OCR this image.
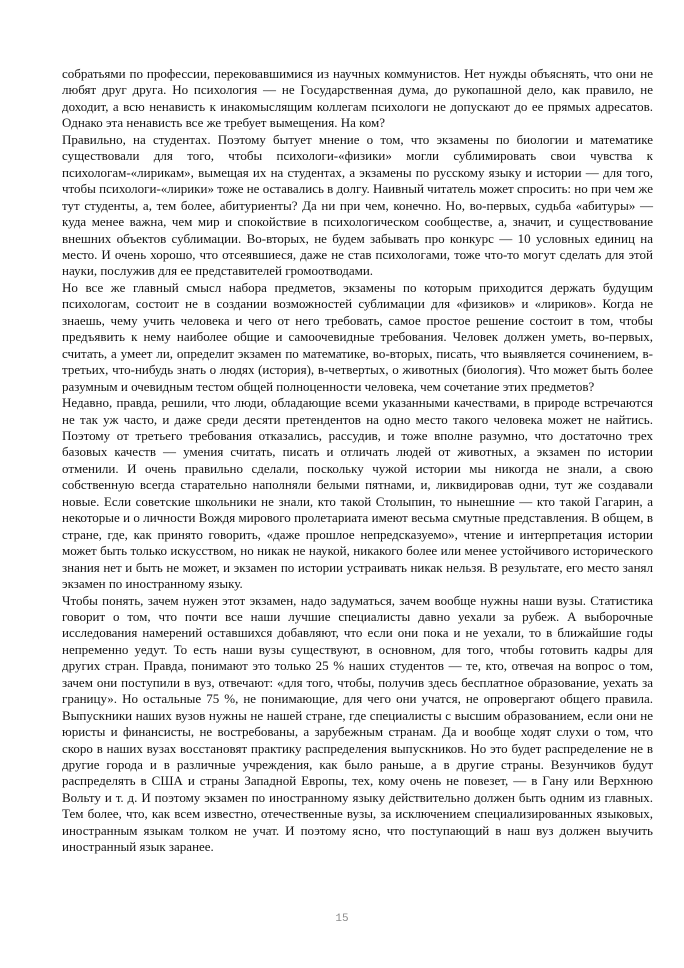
собратьями по профессии, перековавшимися из научных коммунистов. Нет нужды объяснять, что они не любят друг друга. Но психология — не Государственная дума, до рукопашной дело, как правило, не доходит, а всю ненависть к инакомыслящим коллегам психологи не допускают до ее прямых адресатов. Однако эта ненависть все же требует вымещения. На ком?

Правильно, на студентах. Поэтому бытует мнение о том, что экзамены по биологии и математике существовали для того, чтобы психологи-«физики» могли сублимировать свои чувства к психологам-«лирикам», вымещая их на студентах, а экзамены по русскому языку и истории — для того, чтобы психологи-«лирики» тоже не оставались в долгу. Наивный читатель может спросить: но при чем же тут студенты, а, тем более, абитуриенты? Да ни при чем, конечно. Но, во-первых, судьба «абитуры» — куда менее важна, чем мир и спокойствие в психологическом сообществе, а, значит, и существование внешних объектов сублимации. Во-вторых, не будем забывать про конкурс — 10 условных единиц на место. И очень хорошо, что отсеявшиеся, даже не став психологами, тоже что-то могут сделать для этой науки, послужив для ее представителей громоотводами.

Но все же главный смысл набора предметов, экзамены по которым приходится держать будущим психологам, состоит не в создании возможностей сублимации для «физиков» и «лириков». Когда не знаешь, чему учить человека и чего от него требовать, самое простое решение состоит в том, чтобы предъявить к нему наиболее общие и самоочевидные требования. Человек должен уметь, во-первых, считать, а умеет ли, определит экзамен по математике, во-вторых, писать, что выявляется сочинением, в-третьих, что-нибудь знать о людях (история), в-четвертых, о животных (биология). Что может быть более разумным и очевидным тестом общей полноценности человека, чем сочетание этих предметов?

Недавно, правда, решили, что люди, обладающие всеми указанными качествами, в природе встречаются не так уж часто, и даже среди десяти претендентов на одно место такого человека может не найтись. Поэтому от третьего требования отказались, рассудив, и тоже вполне разумно, что достаточно трех базовых качеств — умения считать, писать и отличать людей от животных, а экзамен по истории отменили. И очень правильно сделали, поскольку чужой истории мы никогда не знали, а свою собственную всегда старательно наполняли белыми пятнами, и, ликвидировав одни, тут же создавали новые. Если советские школьники не знали, кто такой Столыпин, то нынешние — кто такой Гагарин, а некоторые и о личности Вождя мирового пролетариата имеют весьма смутные представления. В общем, в стране, где, как принято говорить, «даже прошлое непредсказуемо», чтение и интерпретация истории может быть только искусством, но никак не наукой, никакого более или менее устойчивого исторического знания нет и быть не может, и экзамен по истории устраивать никак нельзя. В результате, его место занял экзамен по иностранному языку.

Чтобы понять, зачем нужен этот экзамен, надо задуматься, зачем вообще нужны наши вузы. Статистика говорит о том, что почти все наши лучшие специалисты давно уехали за рубеж. А выборочные исследования намерений оставшихся добавляют, что если они пока и не уехали, то в ближайшие годы непременно уедут. То есть наши вузы существуют, в основном, для того, чтобы готовить кадры для других стран. Правда, понимают это только 25 % наших студентов — те, кто, отвечая на вопрос о том, зачем они поступили в вуз, отвечают: «для того, чтобы, получив здесь бесплатное образование, уехать за границу». Но остальные 75 %, не понимающие, для чего они учатся, не опровергают общего правила. Выпускники наших вузов нужны не нашей стране, где специалисты с высшим образованием, если они не юристы и финансисты, не востребованы, а зарубежным странам. Да и вообще ходят слухи о том, что скоро в наших вузах восстановят практику распределения выпускников. Но это будет распределение не в другие города и в различные учреждения, как было раньше, а в другие страны. Везунчиков будут распределять в США и страны Западной Европы, тех, кому очень не повезет, — в Гану или Верхнюю Вольту и т. д. И поэтому экзамен по иностранному языку действительно должен быть одним из главных. Тем более, что, как всем известно, отечественные вузы, за исключением специализированных языковых, иностранным языкам толком не учат. И поэтому ясно, что поступающий в наш вуз должен выучить иностранный язык заранее.

15
